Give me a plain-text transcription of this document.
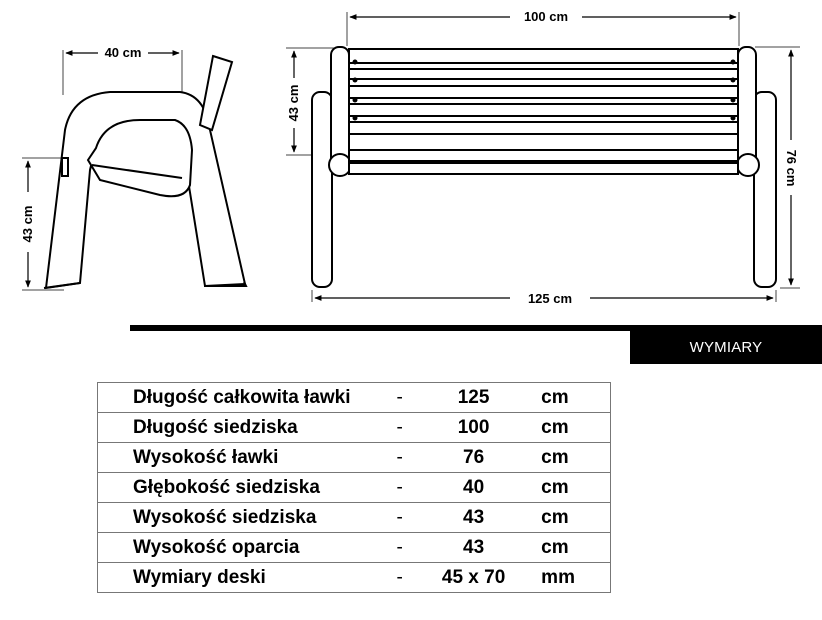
40 cm
43 cm
100 cm
43 cm
76 cm
125 cm
WYMIARY
Długość całkowita ławki	-	125	cm
Długość siedziska	-	100	cm
Wysokość ławki	-	76	cm
Głębokość siedziska	-	40	cm
Wysokość siedziska	-	43	cm
Wysokość oparcia	-	43	cm
Wymiary deski	-	45 x 70	mm
